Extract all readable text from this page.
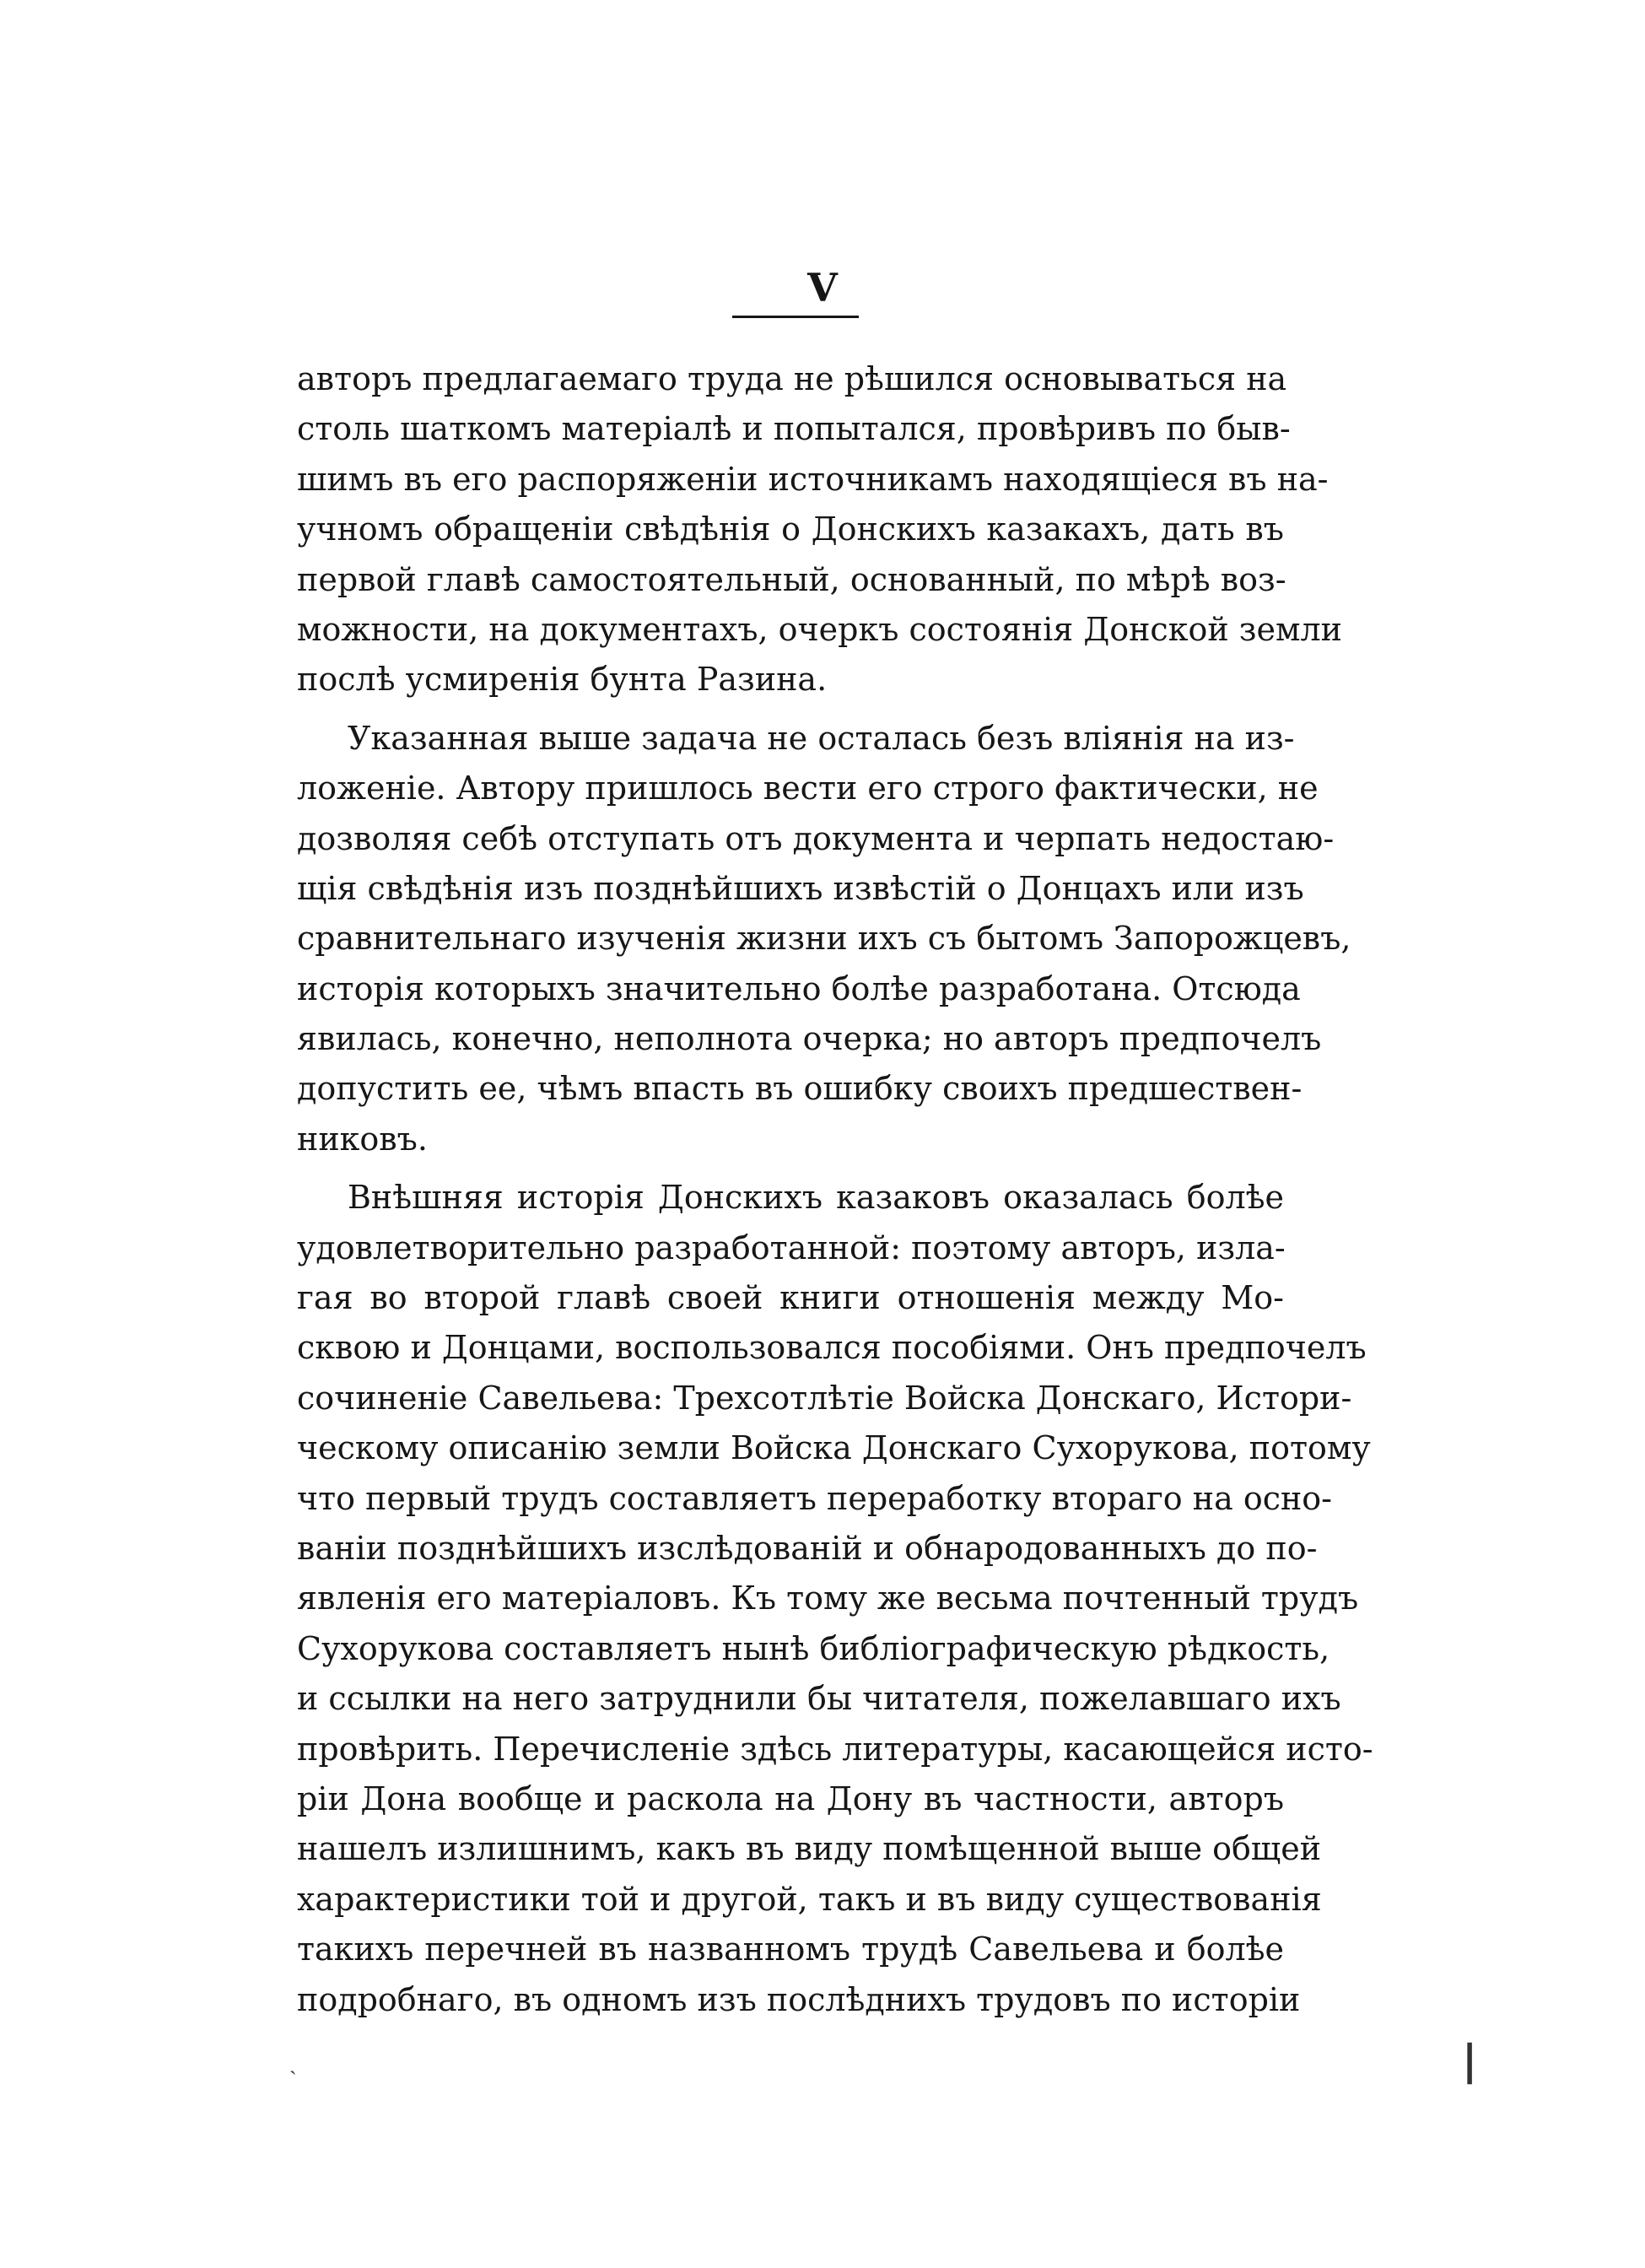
V
авторъ предлагаемаго труда не рѣшился основываться на
столь шаткомъ матеріалѣ и попытался, провѣривъ по быв-
шимъ въ его распоряженіи источникамъ находящіеся въ на-
учномъ обращеніи свѣдѣнія о Донскихъ казакахъ, дать въ
первой главѣ самостоятельный, основанный, по мѣрѣ воз-
можности, на документахъ, очеркъ состоянія Донской земли
послѣ усмиренія бунта Разина.
Указанная выше задача не осталась безъ вліянія на из-
ложеніе. Автору пришлось вести его строго фактически, не
дозволяя себѣ отступать отъ документа и черпать недостаю-
щія свѣдѣнія изъ позднѣйшихъ извѣстій о Донцахъ или изъ
сравнительнаго изученія жизни ихъ съ бытомъ Запорожцевъ,
исторія которыхъ значительно болѣе разработана. Отсюда
явилась, конечно, неполнота очерка; но авторъ предпочелъ
допустить ее, чѣмъ впасть въ ошибку своихъ предшествен-
никовъ.
Внѣшняя исторія Донскихъ казаковъ оказалась болѣе
удовлетворительно разработанной: поэтому авторъ, изла-
гая во второй главѣ своей книги отношенія между Мо-
сквою и Донцами, воспользовался пособіями. Онъ предпочелъ
сочиненіе Савельева: Трехсотлѣтіе Войска Донскаго, Истори-
ческому описанію земли Войска Донскаго Сухорукова, потому
что первый трудъ составляетъ переработку втораго на осно-
ваніи позднѣйшихъ изслѣдованій и обнародованныхъ до по-
явленія его матеріаловъ. Къ тому же весьма почтенный трудъ
Сухорукова составляетъ нынѣ библіографическую рѣдкость,
и ссылки на него затруднили бы читателя, пожелавшаго ихъ
провѣрить. Перечисленіе здѣсь литературы, касающейся исто-
ріи Дона вообще и раскола на Дону въ частности, авторъ
нашелъ излишнимъ, какъ въ виду помѣщенной выше общей
характеристики той и другой, такъ и въ виду существованія
такихъ перечней въ названномъ трудѣ Савельева и болѣе
подробнаго, въ одномъ изъ послѣднихъ трудовъ по исторіи
ˎ	❘
